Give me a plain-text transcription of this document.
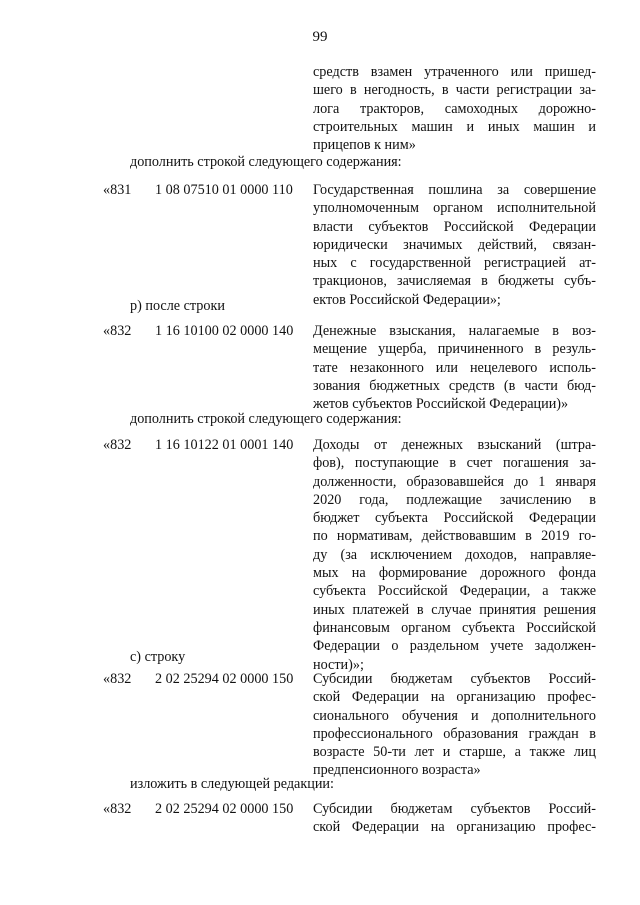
99
средств взамен утраченного или пришед-
шего в негодность, в части регистрации за-
лога тракторов, самоходных дорожно-
строительных машин и иных машин и
прицепов к ним»
дополнить строкой следующего содержания:
«831 1 08 07510 01 0000 110 Государственная пошлина за совершение
уполномоченным органом исполнительной
власти субъектов Российской Федерации
юридически значимых действий, связан-
ных с государственной регистрацией ат-
тракционов, зачисляемая в бюджеты субъ-
ектов Российской Федерации»;
р) после строки
«832 1 16 10100 02 0000 140 Денежные взыскания, налагаемые в воз-
мещение ущерба, причиненного в резуль-
тате незаконного или нецелевого исполь-
зования бюджетных средств (в части бюд-
жетов субъектов Российской Федерации)»
дополнить строкой следующего содержания:
«832 1 16 10122 01 0001 140 Доходы от денежных взысканий (штра-
фов), поступающие в счет погашения за-
долженности, образовавшейся до 1 января
2020 года, подлежащие зачислению в
бюджет субъекта Российской Федерации
по нормативам, действовавшим в 2019 го-
ду (за исключением доходов, направляе-
мых на формирование дорожного фонда
субъекта Российской Федерации, а также
иных платежей в случае принятия решения
финансовым органом субъекта Российской
Федерации о раздельном учете задолжен-
ности)»;
с) строку
«832 2 02 25294 02 0000 150 Субсидии бюджетам субъектов Россий-
ской Федерации на организацию профес-
сионального обучения и дополнительного
профессионального образования граждан в
возрасте 50-ти лет и старше, а также лиц
предпенсионного возраста»
изложить в следующей редакции:
«832 2 02 25294 02 0000 150 Субсидии бюджетам субъектов Россий-
ской Федерации на организацию профес-
